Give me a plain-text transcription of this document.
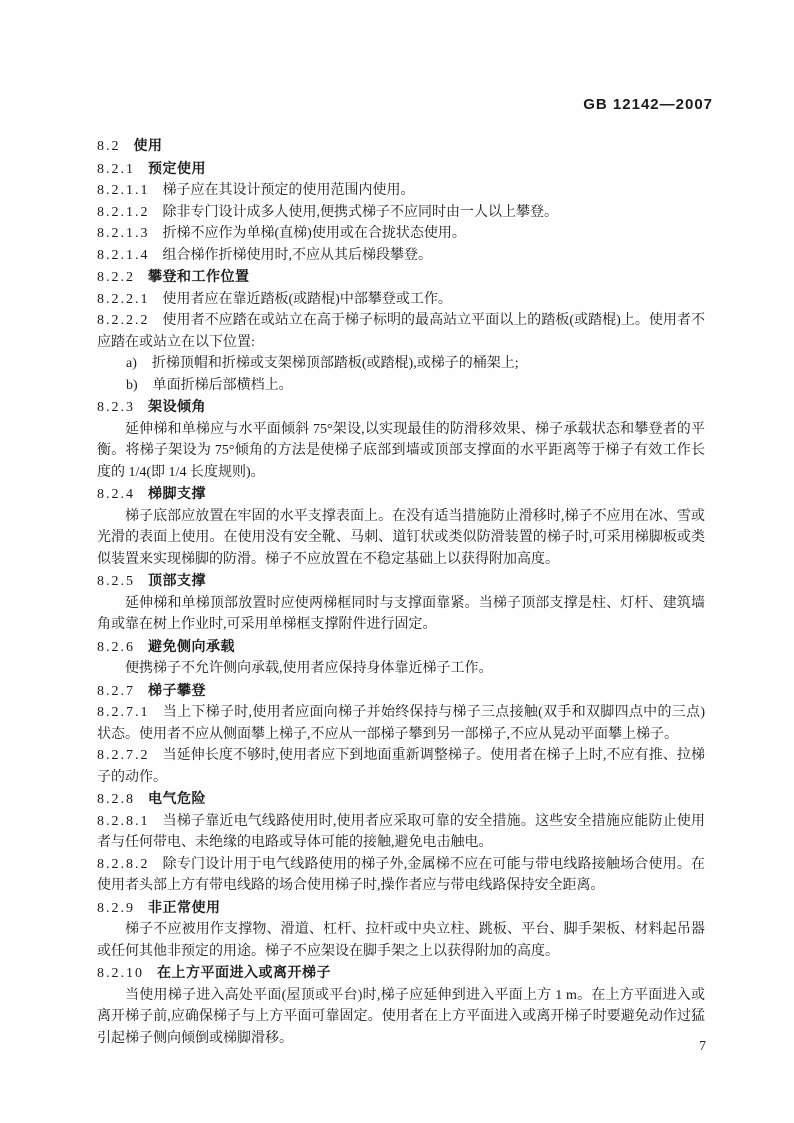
GB 12142—2007

8.2 使用

8.2.1 预定使用

8.2.1.1 梯子应在其设计预定的使用范围内使用。

8.2.1.2 除非专门设计成多人使用,便携式梯子不应同时由一人以上攀登。

8.2.1.3 折梯不应作为单梯(直梯)使用或在合拢状态使用。

8.2.1.4 组合梯作折梯使用时,不应从其后梯段攀登。

8.2.2 攀登和工作位置

8.2.2.1 使用者应在靠近踏板(或踏棍)中部攀登或工作。

8.2.2.2 使用者不应踏在或站立在高于梯子标明的最高站立平面以上的踏板(或踏棍)上。使用者不应踏在或站立在以下位置:

a) 折梯顶帽和折梯或支架梯顶部踏板(或踏棍),或梯子的桶架上;

b) 单面折梯后部横档上。

8.2.3 架设倾角

延伸梯和单梯应与水平面倾斜 75°架设,以实现最佳的防滑移效果、梯子承载状态和攀登者的平衡。将梯子架设为 75°倾角的方法是使梯子底部到墙或顶部支撑面的水平距离等于梯子有效工作长度的 1/4(即 1/4 长度规则)。

8.2.4 梯脚支撑

梯子底部应放置在牢固的水平支撑表面上。在没有适当措施防止滑移时,梯子不应用在冰、雪或光滑的表面上使用。在使用没有安全靴、马刺、道钉状或类似防滑装置的梯子时,可采用梯脚板或类似装置来实现梯脚的防滑。梯子不应放置在不稳定基础上以获得附加高度。

8.2.5 顶部支撑

延伸梯和单梯顶部放置时应使两梯框同时与支撑面靠紧。当梯子顶部支撑是柱、灯杆、建筑墙角或靠在树上作业时,可采用单梯框支撑附件进行固定。

8.2.6 避免侧向承载

便携梯子不允许侧向承载,使用者应保持身体靠近梯子工作。

8.2.7 梯子攀登

8.2.7.1 当上下梯子时,使用者应面向梯子并始终保持与梯子三点接触(双手和双脚四点中的三点)状态。使用者不应从侧面攀上梯子,不应从一部梯子攀到另一部梯子,不应从晃动平面攀上梯子。

8.2.7.2 当延伸长度不够时,使用者应下到地面重新调整梯子。使用者在梯子上时,不应有推、拉梯子的动作。

8.2.8 电气危险

8.2.8.1 当梯子靠近电气线路使用时,使用者应采取可靠的安全措施。这些安全措施应能防止使用者与任何带电、未绝缘的电路或导体可能的接触,避免电击触电。

8.2.8.2 除专门设计用于电气线路使用的梯子外,金属梯不应在可能与带电线路接触场合使用。在使用者头部上方有带电线路的场合使用梯子时,操作者应与带电线路保持安全距离。

8.2.9 非正常使用

梯子不应被用作支撑物、滑道、杠杆、拉杆或中央立柱、跳板、平台、脚手架板、材料起吊器或任何其他非预定的用途。梯子不应架设在脚手架之上以获得附加的高度。

8.2.10 在上方平面进入或离开梯子

当使用梯子进入高处平面(屋顶或平台)时,梯子应延伸到进入平面上方 1 m。在上方平面进入或离开梯子前,应确保梯子与上方平面可靠固定。使用者在上方平面进入或离开梯子时要避免动作过猛引起梯子侧向倾倒或梯脚滑移。	7
